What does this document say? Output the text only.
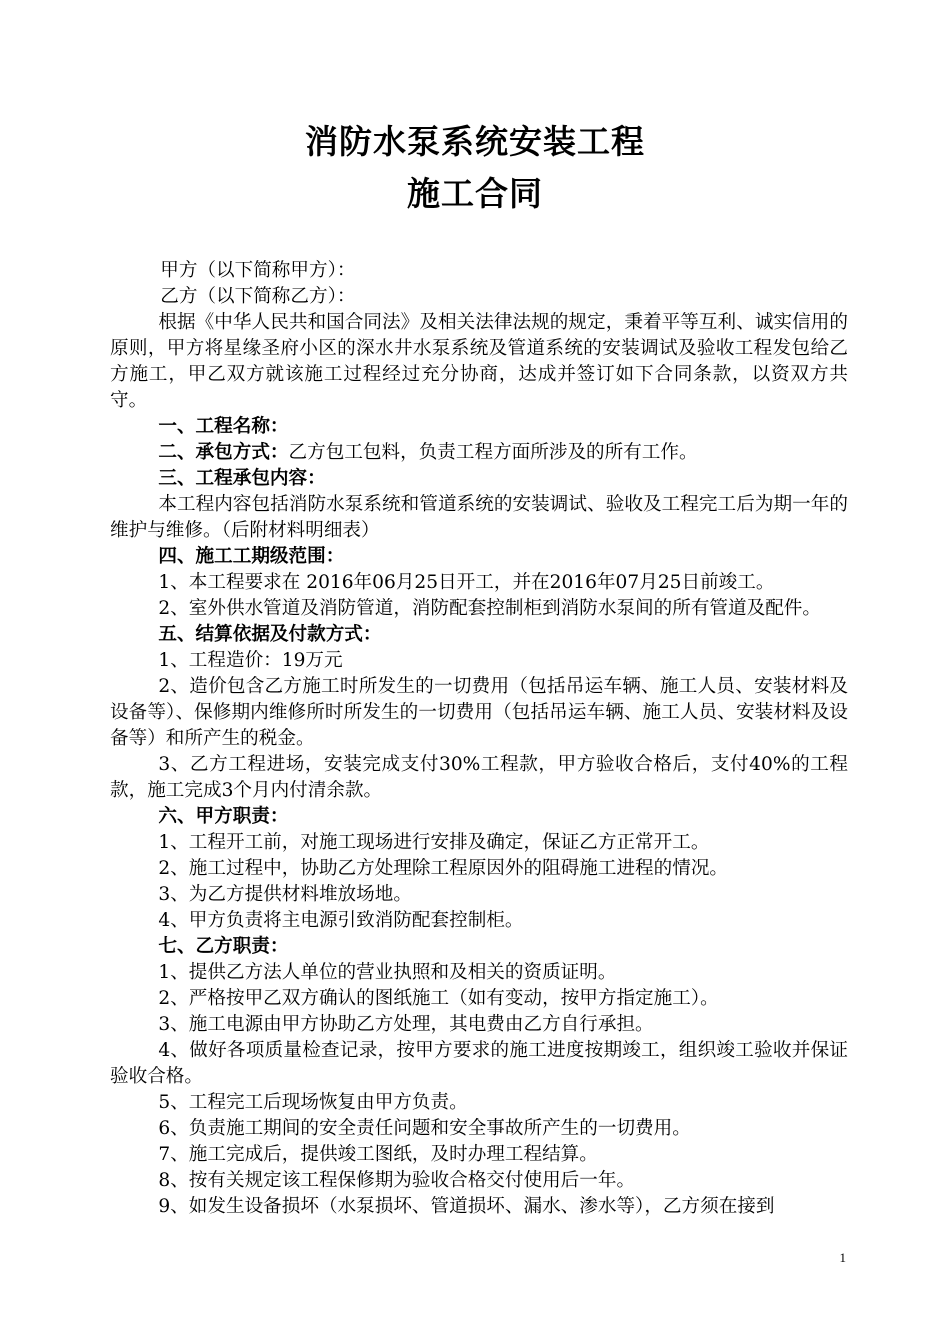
消防水泵系统安装工程
施工合同

甲方（以下简称甲方）：

乙方（以下简称乙方）：

根据《中华人民共和国合同法》及相关法律法规的规定，秉着平等互利、诚实信用的原则，甲方将星缘圣府小区的深水井水泵系统及管道系统的安装调试及验收工程发包给乙方施工，甲乙双方就该施工过程经过充分协商，达成并签订如下合同条款，以资双方共守。

一、工程名称：

二、承包方式：乙方包工包料，负责工程方面所涉及的所有工作。

三、工程承包内容：

本工程内容包括消防水泵系统和管道系统的安装调试、验收及工程完工后为期一年的维护与维修。（后附材料明细表）

四、施工工期级范围：

1、本工程要求在 2016年06月25日开工，并在2016年07月25日前竣工。

2、室外供水管道及消防管道，消防配套控制柜到消防水泵间的所有管道及配件。

五、结算依据及付款方式：

1、工程造价：19万元

2、造价包含乙方施工时所发生的一切费用（包括吊运车辆、施工人员、安装材料及设备等）、保修期内维修所时所发生的一切费用（包括吊运车辆、施工人员、安装材料及设备等）和所产生的税金。

3、乙方工程进场，安装完成支付30%工程款，甲方验收合格后，支付40%的工程款，施工完成3个月内付清余款。

六、甲方职责：

1、工程开工前，对施工现场进行安排及确定，保证乙方正常开工。

2、施工过程中，协助乙方处理除工程原因外的阻碍施工进程的情况。

3、为乙方提供材料堆放场地。

4、甲方负责将主电源引致消防配套控制柜。

七、乙方职责：

1、提供乙方法人单位的营业执照和及相关的资质证明。

2、严格按甲乙双方确认的图纸施工（如有变动，按甲方指定施工）。

3、施工电源由甲方协助乙方处理，其电费由乙方自行承担。

4、做好各项质量检查记录，按甲方要求的施工进度按期竣工，组织竣工验收并保证验收合格。

5、工程完工后现场恢复由甲方负责。

6、负责施工期间的安全责任问题和安全事故所产生的一切费用。

7、施工完成后，提供竣工图纸，及时办理工程结算。

8、按有关规定该工程保修期为验收合格交付使用后一年。

9、如发生设备损坏（水泵损坏、管道损坏、漏水、渗水等），乙方须在接到

1
